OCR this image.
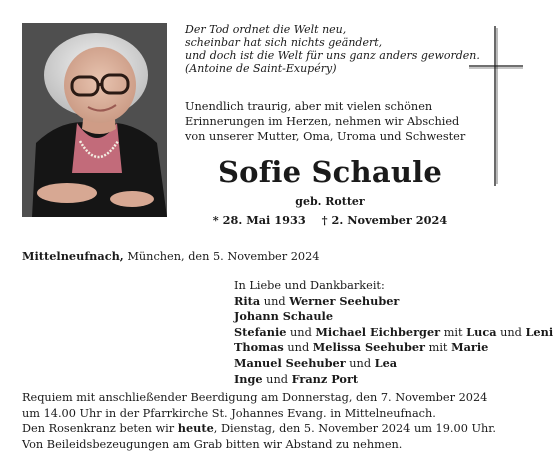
Der Tod ordnet die Welt neu,
scheinbar hat sich nichts geändert,
und doch ist die Welt für uns ganz anders geworden.
(Antoine de Saint-Exupéry)
Unendlich traurig, aber mit vielen schönen
Erinnerungen im Herzen, nehmen wir Abschied
von unserer Mutter, Oma, Uroma und Schwester
Sofie Schaule
geb. Rotter
* 28. Mai 1933 † 2. November 2024
Mittelneufnach, München, den 5. November 2024
In Liebe und Dankbarkeit:
Rita und Werner Seehuber
Johann Schaule
Stefanie und Michael Eichberger mit Luca und Leni
Thomas und Melissa Seehuber mit Marie
Manuel Seehuber und Lea
Inge und Franz Port
Requiem mit anschließender Beerdigung am Donnerstag, den 7. November 2024
um 14.00 Uhr in der Pfarrkirche St. Johannes Evang. in Mittelneufnach.
Den Rosenkranz beten wir heute, Dienstag, den 5. November 2024 um 19.00 Uhr.
Von Beileidsbezeugungen am Grab bitten wir Abstand zu nehmen.
